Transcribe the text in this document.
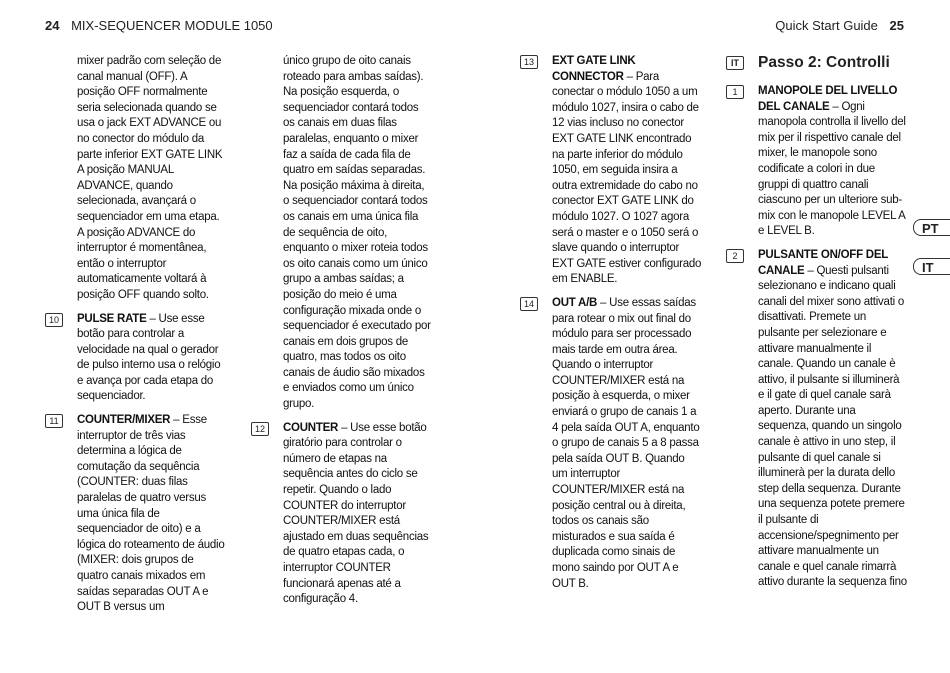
24 MIX-SEQUENCER MODULE 1050	Quick Start Guide 25

mixer padrão com seleção de canal manual (OFF). A posição OFF normalmente seria selecionada quando se usa o jack EXT ADVANCE ou no conector do módulo da parte inferior EXT GATE LINK A posição MANUAL ADVANCE, quando selecionada, avançará o sequenciador em uma etapa. A posição ADVANCE do interruptor é momentânea, então o interruptor automaticamente voltará à posição OFF quando solto.

10	PULSE RATE – Use esse botão para controlar a velocidade na qual o gerador de pulso interno usa o relógio e avança por cada etapa do sequenciador.
11	COUNTER/MIXER – Esse interruptor de três vias determina a lógica de comutação da sequência (COUNTER: duas filas paralelas de quatro versus uma única fila de sequenciador de oito) e a lógica do roteamento de áudio (MIXER: dois grupos de quatro canais mixados em saídas separadas OUT A e OUT B versus um

único grupo de oito canais roteado para ambas saídas). Na posição esquerda, o sequenciador contará todos os canais em duas filas paralelas, enquanto o mixer faz a saída de cada fila de quatro em saídas separadas. Na posição máxima à direita, o sequenciador contará todos os canais em uma única fila de sequência de oito, enquanto o mixer roteia todos os oito canais como um único grupo a ambas saídas; a posição do meio é uma configuração mixada onde o sequenciador é executado por canais em dois grupos de quatro, mas todos os oito canais de áudio são mixados e enviados como um único grupo.

12	COUNTER – Use esse botão giratório para controlar o número de etapas na sequência antes do ciclo se repetir. Quando o lado COUNTER do interruptor COUNTER/MIXER está ajustado em duas sequências de quatro etapas cada, o interruptor COUNTER funcionará apenas até a configuração 4.
13	EXT GATE LINK CONNECTOR – Para conectar o módulo 1050 a um módulo 1027, insira o cabo de 12 vias incluso no conector EXT GATE LINK encontrado na parte inferior do módulo 1050, em seguida insira a outra extremidade do cabo no conector EXT GATE LINK do módulo 1027. O 1027 agora será o master e o 1050 será o slave quando o interruptor EXT GATE estiver configurado em ENABLE.
14	OUT A/B – Use essas saídas para rotear o mix out final do módulo para ser processado mais tarde em outra área. Quando o interruptor COUNTER/MIXER está na posição à esquerda, o mixer enviará o grupo de canais 1 a 4 pela saída OUT A, enquanto o grupo de canais 5 a 8 passa pela saída OUT B. Quando um interruptor COUNTER/MIXER está na posição central ou à direita, todos os canais são misturados e sua saída é duplicada como sinais de mono saindo por OUT A e OUT B.
IT	Passo 2: Controlli
1	MANOPOLE DEL LIVELLO DEL CANALE – Ogni manopola controlla il livello del mix per il rispettivo canale del mixer, le manopole sono codificate a colori in due gruppi di quattro canali ciascuno per un ulteriore sub-mix con le manopole LEVEL A e LEVEL B.
2	PULSANTE ON/OFF DEL CANALE – Questi pulsanti selezionano e indicano quali canali del mixer sono attivati o disattivati. Premete un pulsante per selezionare e attivare manualmente il canale. Quando un canale è attivo, il pulsante si illuminerà e il gate di quel canale sarà aperto. Durante una sequenza, quando un singolo canale è attivo in uno step, il pulsante di quel canale si illuminerà per la durata dello step della sequenza. Durante una sequenza potete premere il pulsante di accensione/spegnimento per attivare manualmente un canale e quel canale rimarrà attivo durante la sequenza fino
PT
IT
